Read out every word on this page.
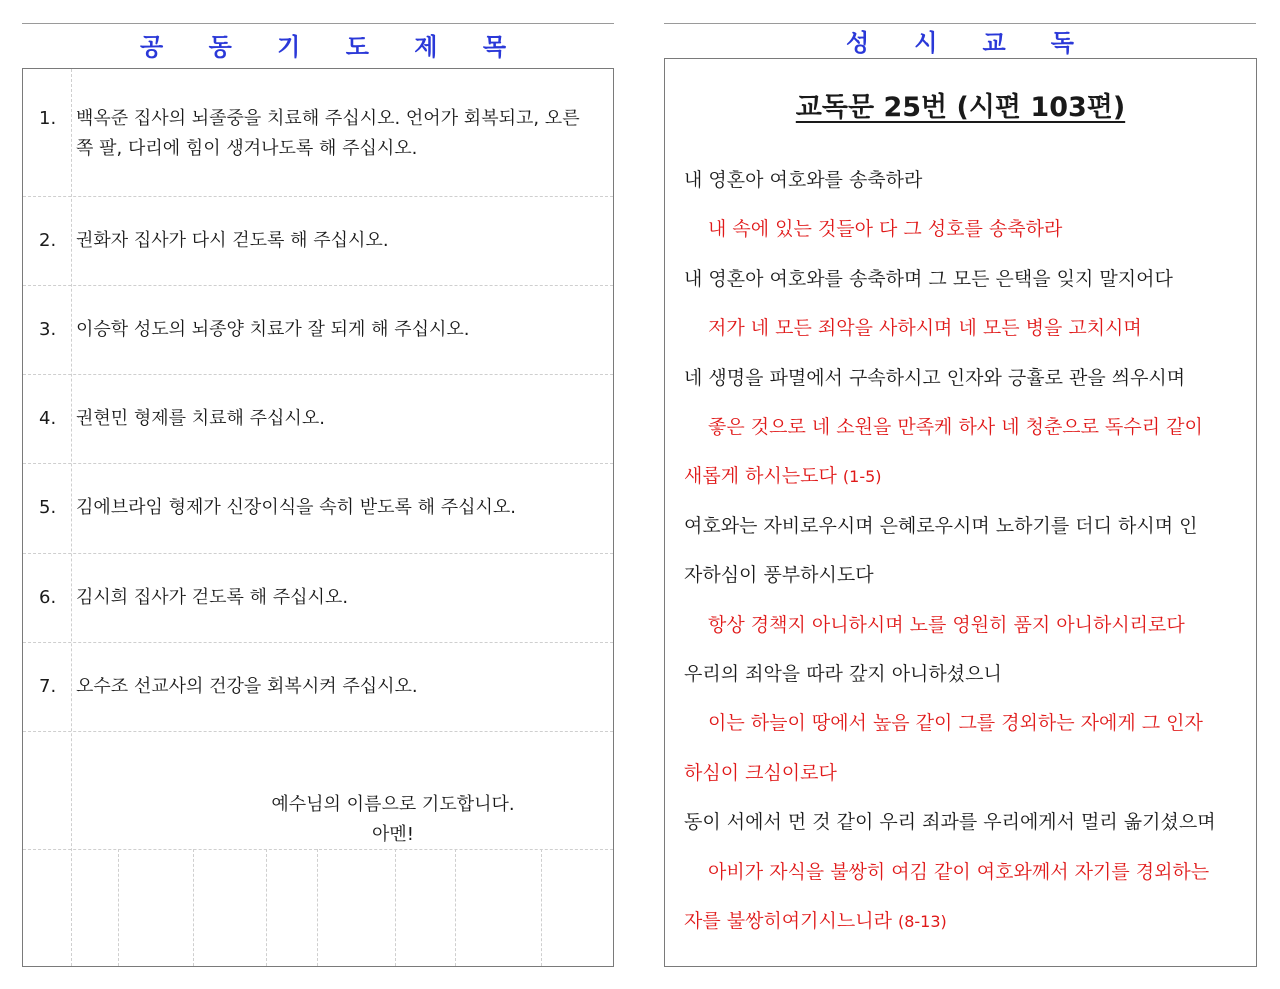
공 동 기 도 제 목
1. 백옥준 집사의 뇌졸중을 치료해 주십시오. 언어가 회복되고, 오른쪽 팔, 다리에 힘이 생겨나도록 해 주십시오.
2. 권화자 집사가 다시 걷도록 해 주십시오.
3. 이승학 성도의 뇌종양 치료가 잘 되게 해 주십시오.
4. 권현민 형제를 치료해 주십시오.
5. 김에브라임 형제가 신장이식을 속히 받도록 해 주십시오.
6. 김시희 집사가 걷도록 해 주십시오.
7. 오수조 선교사의 건강을 회복시켜 주십시오.
예수님의 이름으로 기도합니다.
아멘!
성 시 교 독
교독문 25번 (시편 103편)
내 영혼아 여호와를 송축하라
내 속에 있는 것들아 다 그 성호를 송축하라
내 영혼아 여호와를 송축하며 그 모든 은택을 잊지 말지어다
저가 네 모든 죄악을 사하시며 네 모든 병을 고치시며
네 생명을 파멸에서 구속하시고 인자와 긍휼로 관을 씌우시며
좋은 것으로 네 소원을 만족케 하사 네 청춘으로 독수리 같이
새롭게 하시는도다 (1-5)
여호와는 자비로우시며 은혜로우시며 노하기를 더디 하시며 인
자하심이 풍부하시도다
항상 경책지 아니하시며 노를 영원히 품지 아니하시리로다
우리의 죄악을 따라 갚지 아니하셨으니
이는 하늘이 땅에서 높음 같이 그를 경외하는 자에게 그 인자
하심이 크심이로다
동이 서에서 먼 것 같이 우리 죄과를 우리에게서 멀리 옮기셨으며
아비가 자식을 불쌍히 여김 같이 여호와께서 자기를 경외하는
자를 불쌍히여기시느니라 (8-13)
